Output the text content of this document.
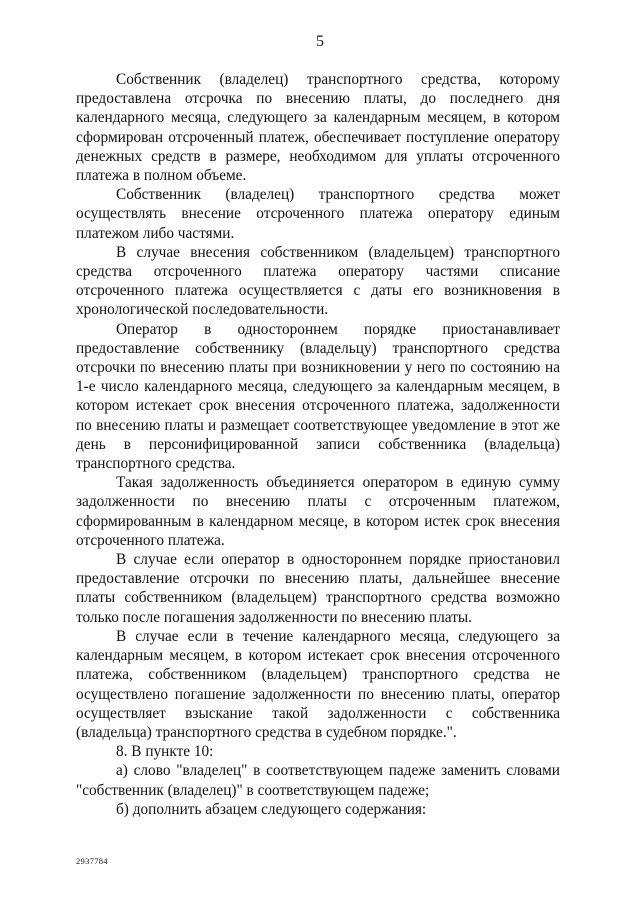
5

Собственник (владелец) транспортного средства, которому предоставлена отсрочка по внесению платы, до последнего дня календарного месяца, следующего за календарным месяцем, в котором сформирован отсроченный платеж, обеспечивает поступление оператору денежных средств в размере, необходимом для уплаты отсроченного платежа в полном объеме.

Собственник (владелец) транспортного средства может осуществлять внесение отсроченного платежа оператору единым платежом либо частями.

В случае внесения собственником (владельцем) транспортного средства отсроченного платежа оператору частями списание отсроченного платежа осуществляется с даты его возникновения в хронологической последовательности.

Оператор в одностороннем порядке приостанавливает предоставление собственнику (владельцу) транспортного средства отсрочки по внесению платы при возникновении у него по состоянию на 1-е число календарного месяца, следующего за календарным месяцем, в котором истекает срок внесения отсроченного платежа, задолженности по внесению платы и размещает соответствующее уведомление в этот же день в персонифицированной записи собственника (владельца) транспортного средства.

Такая задолженность объединяется оператором в единую сумму задолженности по внесению платы с отсроченным платежом, сформированным в календарном месяце, в котором истек срок внесения отсроченного платежа.

В случае если оператор в одностороннем порядке приостановил предоставление отсрочки по внесению платы, дальнейшее внесение платы собственником (владельцем) транспортного средства возможно только после погашения задолженности по внесению платы.

В случае если в течение календарного месяца, следующего за календарным месяцем, в котором истекает срок внесения отсроченного платежа, собственником (владельцем) транспортного средства не осуществлено погашение задолженности по внесению платы, оператор осуществляет взыскание такой задолженности с собственника (владельца) транспортного средства в судебном порядке.".

8. В пункте 10:

а) слово "владелец" в соответствующем падеже заменить словами "собственник (владелец)" в соответствующем падеже;

б) дополнить абзацем следующего содержания:

2937784
